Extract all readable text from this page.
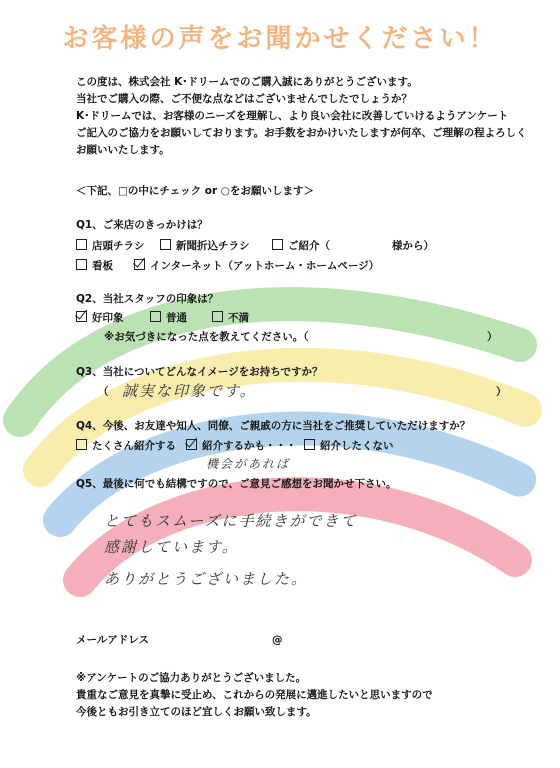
お客様の声をお聞かせください！
この度は、株式会社 K･ドリームでのご購入誠にありがとうございます。
当社でご購入の際、ご不便な点などはございませんでしたでしょうか？
K･ドリームでは、お客様のニーズを理解し、より良い会社に改善していけるようアンケート
ご記入のご協力をお願いしております。お手数をおかけいたしますが何卒、ご理解の程よろしく
お願いいたします。
＜下記、□の中にチェック or ○をお願いします＞
Q1、ご来店のきっかけは？
店頭チラシ	新聞折込チラシ	ご紹介（	様から）
看板	インターネット（アットホーム・ホームページ）
Q2、当社スタッフの印象は？
好印象	普通	不満
※お気づきになった点を教えてください。（	）
Q3、当社についてどんなイメージをお持ちですか？
（ 誠実な印象です。	）
Q4、今後、お友達や知人、同僚、ご親戚の方に当社をご推奨していただけますか？
たくさん紹介する	紹介するかも・・・	紹介したくない
機会があれば
Q5、最後に何でも結構ですので、ご意見ご感想をお聞かせ下さい。
とてもスムーズに手続きができて
感謝しています。
ありがとうございました。
メールアドレス	@
※アンケートのご協力ありがとうございました。
貴重なご意見を真摯に受止め、これからの発展に邁進したいと思いますので
今後ともお引き立てのほど宜しくお願い致します。
